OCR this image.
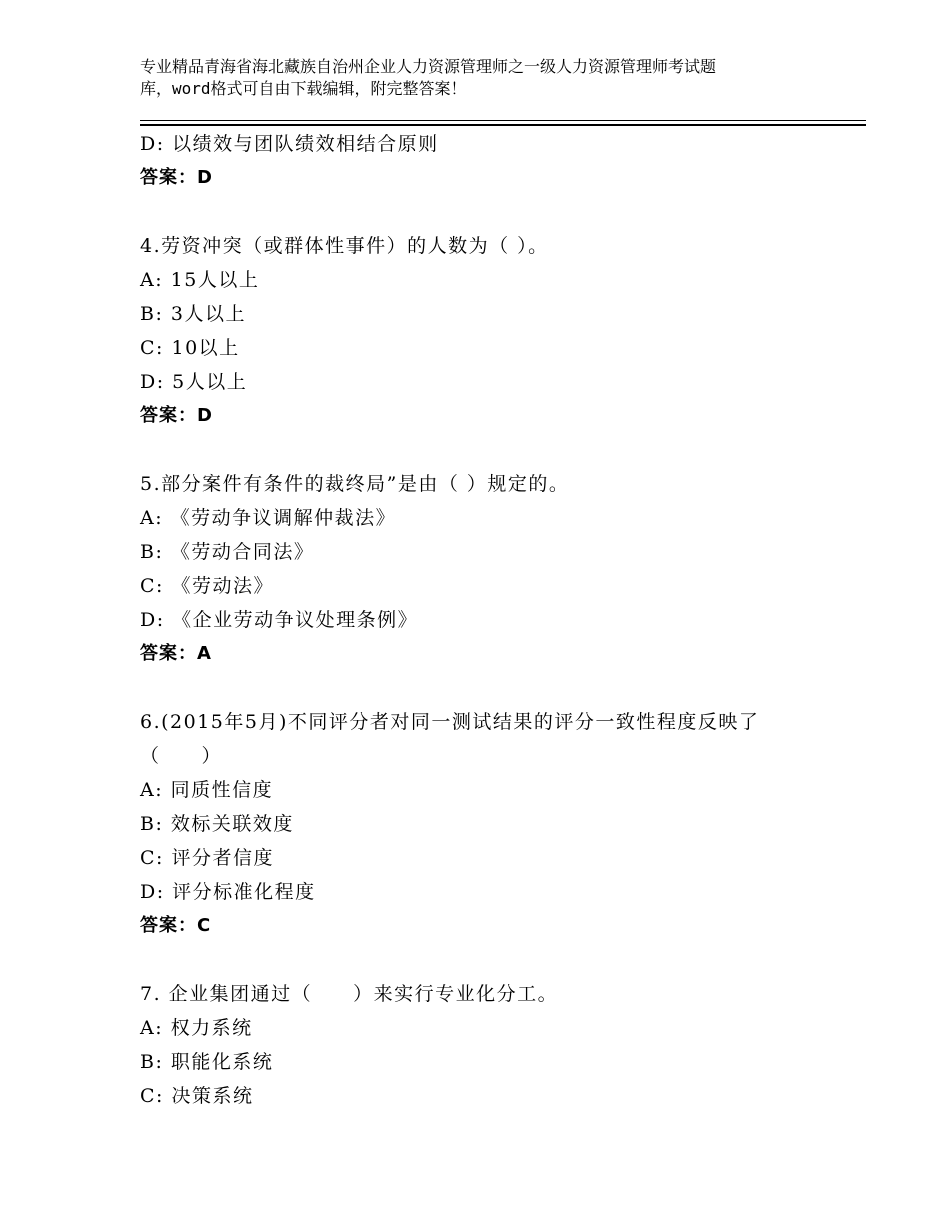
专业精品青海省海北藏族自治州企业人力资源管理师之一级人力资源管理师考试题
库，word格式可自由下载编辑，附完整答案！
D: 以绩效与团队绩效相结合原则
答案：D
4.劳资冲突（或群体性事件）的人数为（ ）。
A: 15人以上
B: 3人以上
C: 10以上
D: 5人以上
答案：D
5.部分案件有条件的裁终局”是由（ ）规定的。
A: 《劳动争议调解仲裁法》
B: 《劳动合同法》
C: 《劳动法》
D: 《企业劳动争议处理条例》
答案：A
6.(2015年5月)不同评分者对同一测试结果的评分一致性程度反映了
（　　）
A: 同质性信度
B: 效标关联效度
C: 评分者信度
D: 评分标准化程度
答案：C
7. 企业集团通过（　　）来实行专业化分工。
A: 权力系统
B: 职能化系统
C: 决策系统
